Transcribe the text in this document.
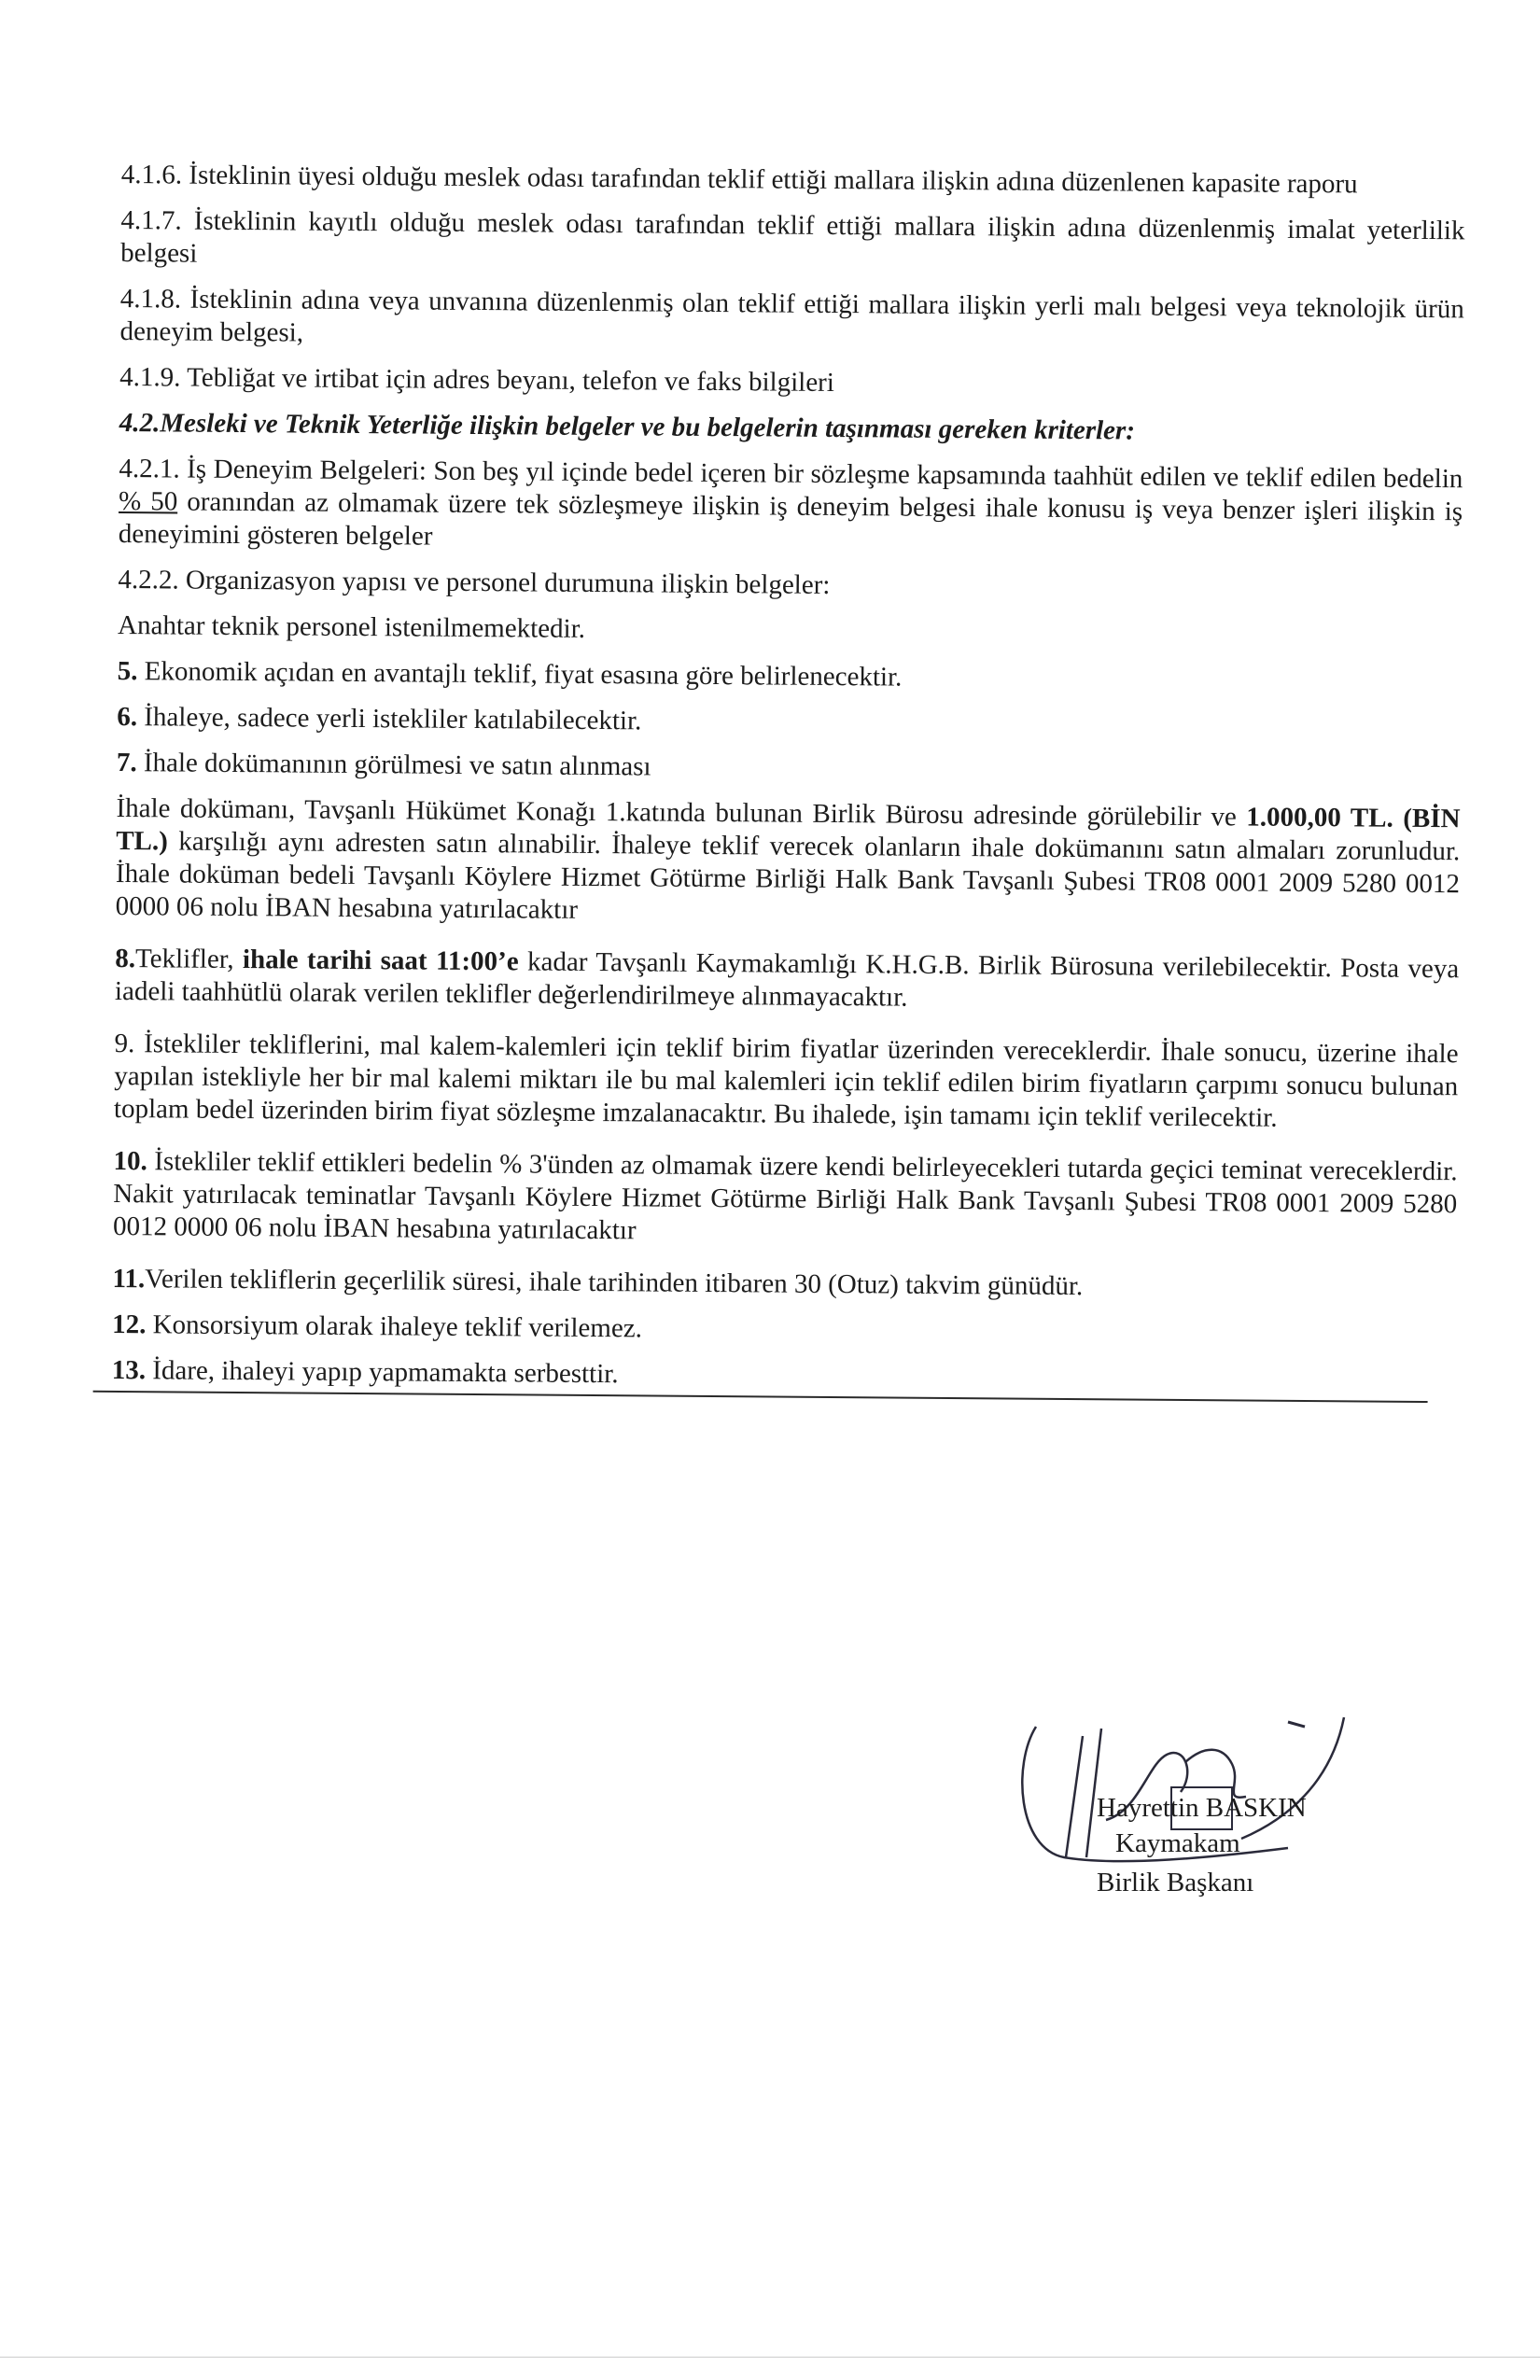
4.1.6. İsteklinin üyesi olduğu meslek odası tarafından teklif ettiği mallara ilişkin adına düzenlenen kapasite raporu

4.1.7. İsteklinin kayıtlı olduğu meslek odası tarafından teklif ettiği mallara ilişkin adına düzenlenmiş imalat yeterlilik belgesi

4.1.8. İsteklinin adına veya unvanına düzenlenmiş olan teklif ettiği mallara ilişkin yerli malı belgesi veya teknolojik ürün deneyim belgesi,

4.1.9. Tebliğat ve irtibat için adres beyanı, telefon ve faks bilgileri

4.2.Mesleki ve Teknik Yeterliğe ilişkin belgeler ve bu belgelerin taşınması gereken kriterler:

4.2.1. İş Deneyim Belgeleri: Son beş yıl içinde bedel içeren bir sözleşme kapsamında taahhüt edilen ve teklif edilen bedelin % 50 oranından az olmamak üzere tek sözleşmeye ilişkin iş deneyim belgesi ihale konusu iş veya benzer işleri ilişkin iş deneyimini gösteren belgeler

4.2.2. Organizasyon yapısı ve personel durumuna ilişkin belgeler:

Anahtar teknik personel istenilmemektedir.

5. Ekonomik açıdan en avantajlı teklif, fiyat esasına göre belirlenecektir.

6. İhaleye, sadece yerli istekliler katılabilecektir.

7. İhale dokümanının görülmesi ve satın alınması

İhale dokümanı, Tavşanlı Hükümet Konağı 1.katında bulunan Birlik Bürosu adresinde görülebilir ve 1.000,00 TL. (BİN TL.) karşılığı aynı adresten satın alınabilir. İhaleye teklif verecek olanların ihale dokümanını satın almaları zorunludur. İhale doküman bedeli Tavşanlı Köylere Hizmet Götürme Birliği Halk Bank Tavşanlı Şubesi TR08 0001 2009 5280 0012 0000 06 nolu İBAN hesabına yatırılacaktır

8.Teklifler, ihale tarihi saat 11:00’e kadar Tavşanlı Kaymakamlığı K.H.G.B. Birlik Bürosuna verilebilecektir. Posta veya iadeli taahhütlü olarak verilen teklifler değerlendirilmeye alınmayacaktır.

9. İstekliler tekliflerini, mal kalem-kalemleri için teklif birim fiyatlar üzerinden vereceklerdir. İhale sonucu, üzerine ihale yapılan istekliyle her bir mal kalemi miktarı ile bu mal kalemleri için teklif edilen birim fiyatların çarpımı sonucu bulunan toplam bedel üzerinden birim fiyat sözleşme imzalanacaktır. Bu ihalede, işin tamamı için teklif verilecektir.

10. İstekliler teklif ettikleri bedelin % 3'ünden az olmamak üzere kendi belirleyecekleri tutarda geçici teminat vereceklerdir. Nakit yatırılacak teminatlar Tavşanlı Köylere Hizmet Götürme Birliği Halk Bank Tavşanlı Şubesi TR08 0001 2009 5280 0012 0000 06 nolu İBAN hesabına yatırılacaktır

11.Verilen tekliflerin geçerlilik süresi, ihale tarihinden itibaren 30 (Otuz) takvim günüdür.

12. Konsorsiyum olarak ihaleye teklif verilemez.

13. İdare, ihaleyi yapıp yapmamakta serbesttir.

Hayrettin BASKIN
Kaymakam
Birlik Başkanı
